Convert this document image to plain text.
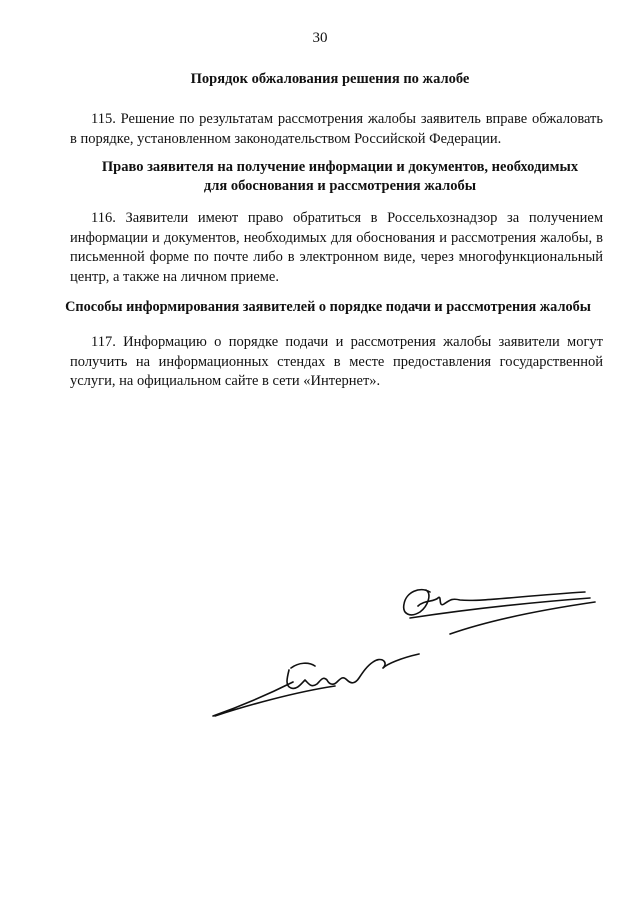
30
Порядок обжалования решения по жалобе
115. Решение по результатам рассмотрения жалобы заявитель вправе обжаловать в порядке, установленном законодательством Российской Федерации.
Право заявителя на получение информации и документов, необходимых
для обоснования и рассмотрения жалобы
116. Заявители имеют право обратиться в Россельхознадзор за получением информации и документов, необходимых для обоснования и рассмотрения жалобы, в письменной форме по почте либо в электронном виде, через многофункциональный центр, а также на личном приеме.
Способы информирования заявителей о порядке подачи и рассмотрения жалобы
117. Информацию о порядке подачи и рассмотрения жалобы заявители могут получить на информационных стендах в месте предоставления государственной услуги, на официальном сайте в сети «Интернет».
